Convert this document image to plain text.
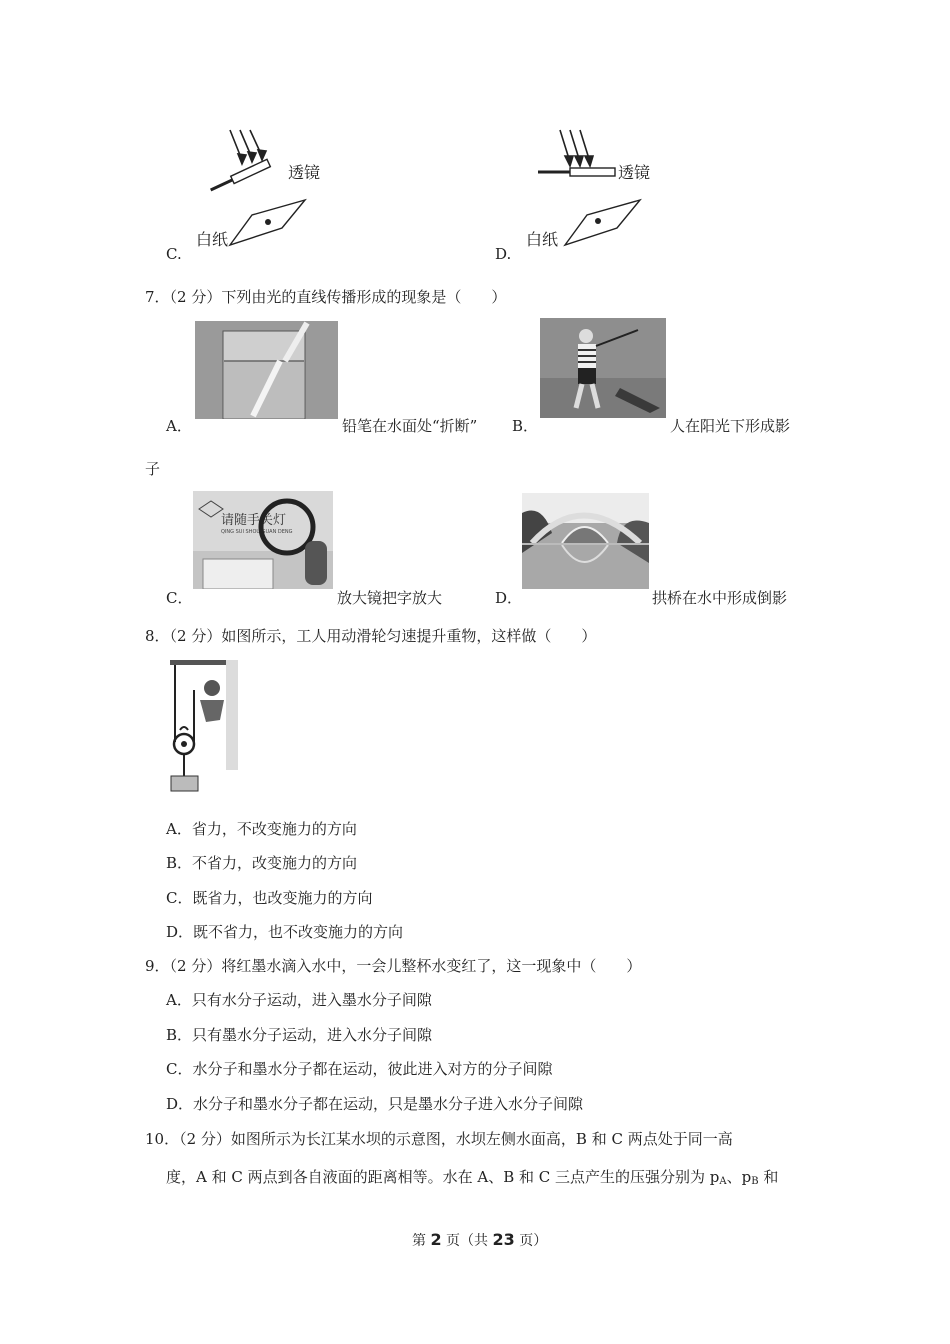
透镜
白纸
C.
透镜
白纸
D.
7．（2 分）下列由光的直线传播形成的现象是（　　）
A．	铅笔在水面处“折断” B．	人在阳光下形成影
子
请随手关灯
QING SUI SHOU GUAN DENG
C．	放大镜把字放大	D．	拱桥在水中形成倒影
8．（2 分）如图所示，工人用动滑轮匀速提升重物，这样做（　　）
A．省力，不改变施力的方向
B．不省力，改变施力的方向
C．既省力，也改变施力的方向
D．既不省力，也不改变施力的方向
9．（2 分）将红墨水滴入水中，一会儿整杯水变红了，这一现象中（　　）
A．只有水分子运动，进入墨水分子间隙
B．只有墨水分子运动，进入水分子间隙
C．水分子和墨水分子都在运动，彼此进入对方的分子间隙
D．水分子和墨水分子都在运动，只是墨水分子进入水分子间隙
10．（2 分）如图所示为长江某水坝的示意图，水坝左侧水面高，B 和 C 两点处于同一高
度，A 和 C 两点到各自液面的距离相等。水在 A、B 和 C 三点产生的压强分别为 $p_A$、$p_B$ 和
第 2 页（共 23 页）
